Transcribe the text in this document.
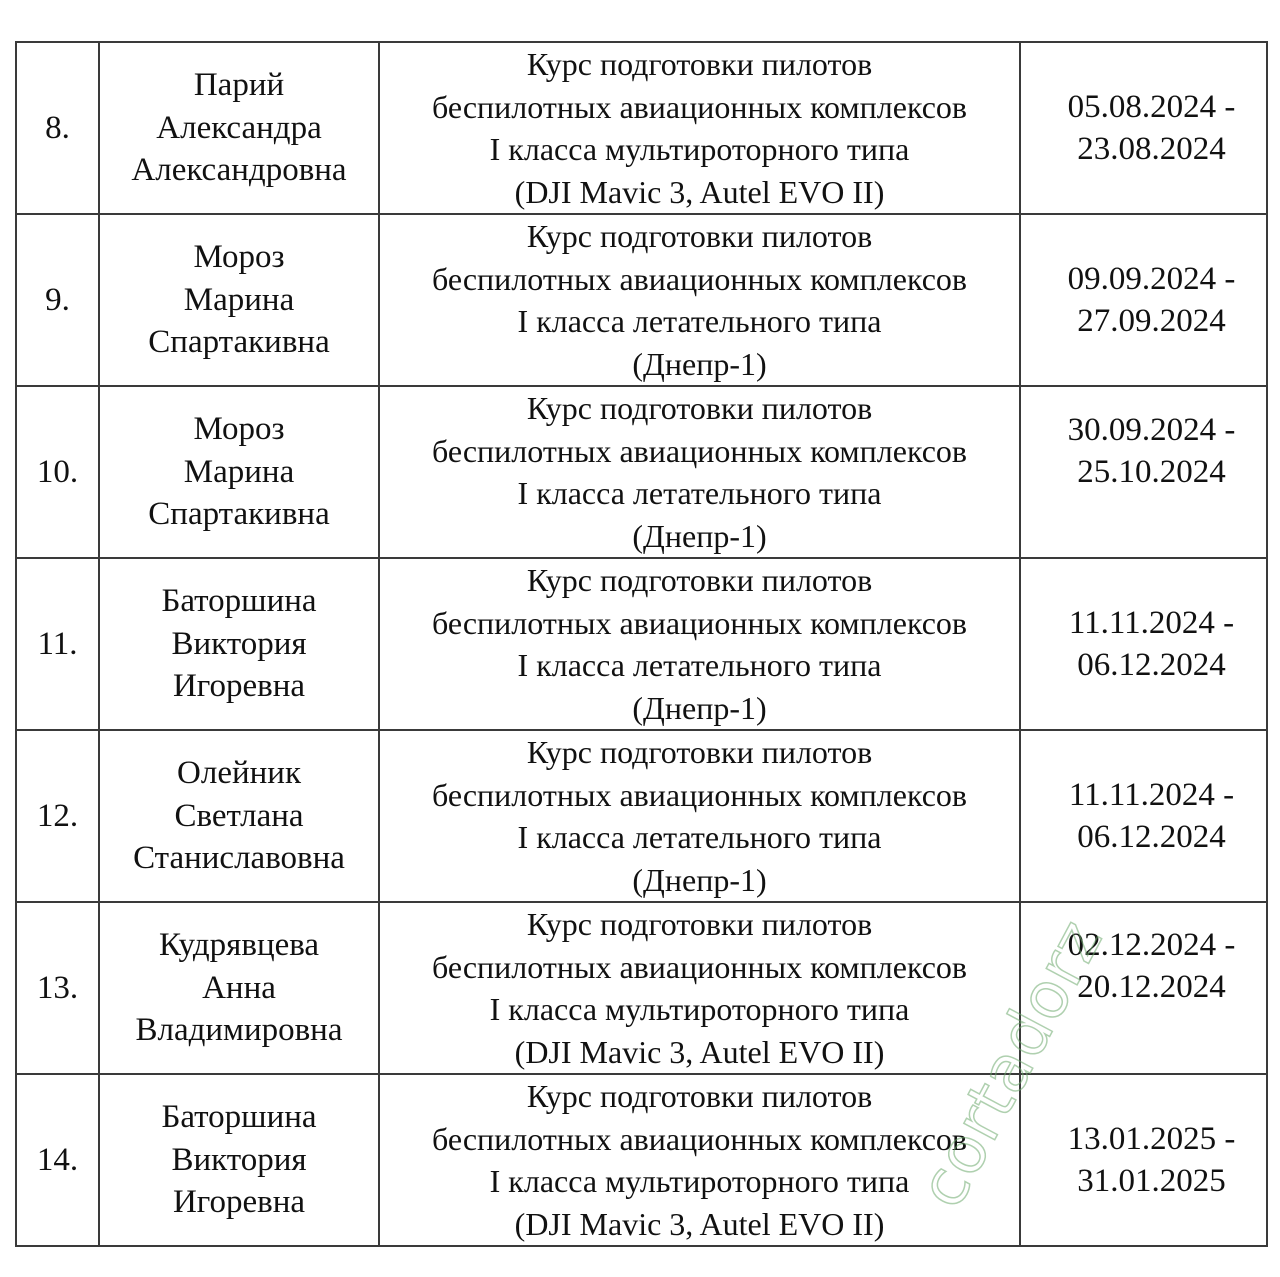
8.	Парий
Александра
Александровна	Курс подготовки пилотов
беспилотных авиационных комплексов
I класса мультироторного типа
(DJI Mavic 3, Autel EVO II)	05.08.2024 -
23.08.2024

9.	Мороз
Марина
Спартакивна	Курс подготовки пилотов
беспилотных авиационных комплексов
I класса летательного типа
(Днепр-1)	09.09.2024 -
27.09.2024

10.	Мороз
Марина
Спартакивна	Курс подготовки пилотов
беспилотных авиационных комплексов
I класса летательного типа
(Днепр-1)	30.09.2024 -
25.10.2024

11.	Баторшина
Виктория
Игоревна	Курс подготовки пилотов
беспилотных авиационных комплексов
I класса летательного типа
(Днепр-1)	11.11.2024 -
06.12.2024

12.	Олейник
Светлана
Станиславовна	Курс подготовки пилотов
беспилотных авиационных комплексов
I класса летательного типа
(Днепр-1)	11.11.2024 -
06.12.2024

13.	Кудрявцева
Анна
Владимировна	Курс подготовки пилотов
беспилотных авиационных комплексов
I класса мультироторного типа
(DJI Mavic 3, Autel EVO II)	02.12.2024 -
20.12.2024

14.	Баторшина
Виктория
Игоревна	Курс подготовки пилотов
беспилотных авиационных комплексов
I класса мультироторного типа
(DJI Mavic 3, Autel EVO II)	13.01.2025 -
31.01.2025
cortadorz
